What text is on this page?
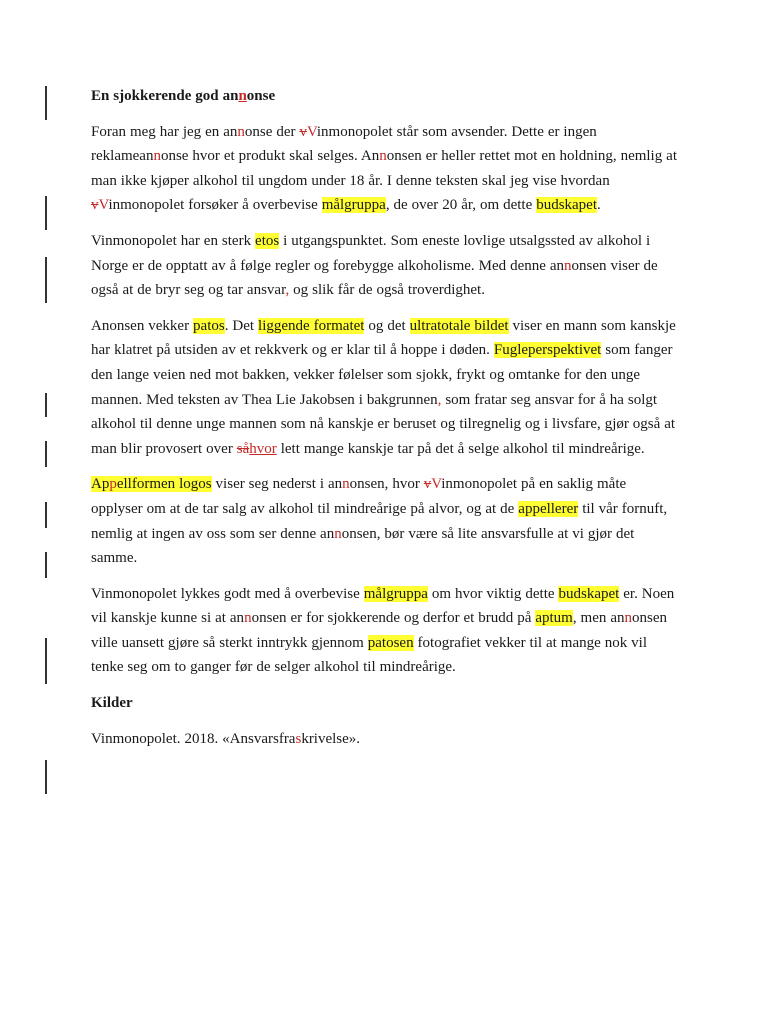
En sjokkerende god annonse

Foran meg har jeg en annonse der vVinmonopolet står som avsender. Dette er ingen reklameannonse hvor et produkt skal selges. Annonsen er heller rettet mot en holdning, nemlig at man ikke kjøper alkohol til ungdom under 18 år. I denne teksten skal jeg vise hvordan vVinmonopolet forsøker å overbevise målgruppa, de over 20 år, om dette budskapet.

Vinmonopolet har en sterk etos i utgangspunktet. Som eneste lovlige utsalgssted av alkohol i Norge er de opptatt av å følge regler og forebygge alkoholisme. Med denne annonsen viser de også at de bryr seg og tar ansvar, og slik får de også troverdighet.

Anonsen vekker patos. Det liggende formatet og det ultratotale bildet viser en mann som kanskje har klatret på utsiden av et rekkverk og er klar til å hoppe i døden. Fugleperspektivet som fanger den lange veien ned mot bakken, vekker følelser som sjokk, frykt og omtanke for den unge mannen. Med teksten av Thea Lie Jakobsen i bakgrunnen, som fratar seg ansvar for å ha solgt alkohol til denne unge mannen som nå kanskje er beruset og tilregnelig og i livsfare, gjør også at man blir provosert over såhvor lett mange kanskje tar på det å selge alkohol til mindreårige.

Appellformen logos viser seg nederst i annonsen, hvor vVinmonopolet på en saklig måte opplyser om at de tar salg av alkohol til mindreårige på alvor, og at de appellerer til vår fornuft, nemlig at ingen av oss som ser denne annonsen, bør være så lite ansvarsfulle at vi gjør det samme.

Vinmonopolet lykkes godt med å overbevise målgruppa om hvor viktig dette budskapet er. Noen vil kanskje kunne si at annonsen er for sjokkerende og derfor et brudd på aptum, men annonsen ville uansett gjøre så sterkt inntrykk gjennom patosen fotografiet vekker til at mange nok vil tenke seg om to ganger før de selger alkohol til mindreårige.

Kilder

Vinmonopolet. 2018. «Ansvarsfraskrivelse».
